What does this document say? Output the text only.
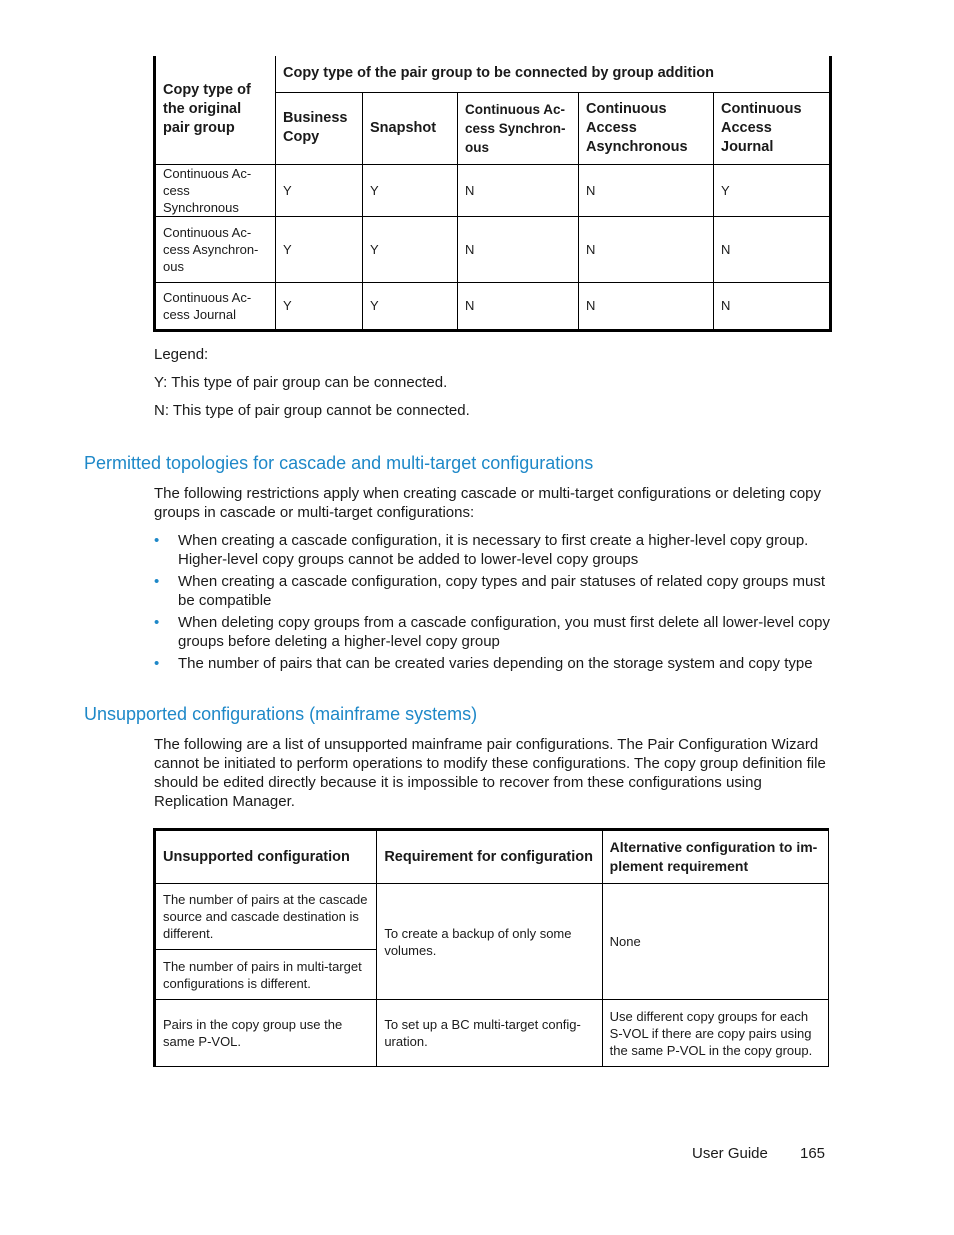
Copy type of the original pair group	Copy type of the pair group to be connected by group addition				
	Business Copy	Snapshot	Continuous Access Synchronous	Continuous Access Asynchronous	Continuous Access Journal
Continuous Access Synchronous	Y	Y	N	N	Y
Continuous Access Asynchronous	Y	Y	N	N	N
Continuous Access Journal	Y	Y	N	N	N
Legend:
Y: This type of pair group can be connected.
N: This type of pair group cannot be connected.
Permitted topologies for cascade and multi-target configurations
The following restrictions apply when creating cascade or multi-target configurations or deleting copy groups in cascade or multi-target configurations:
• When creating a cascade configuration, it is necessary to first create a higher-level copy group. Higher-level copy groups cannot be added to lower-level copy groups
• When creating a cascade configuration, copy types and pair statuses of related copy groups must be compatible
• When deleting copy groups from a cascade configuration, you must first delete all lower-level copy groups before deleting a higher-level copy group
• The number of pairs that can be created varies depending on the storage system and copy type
Unsupported configurations (mainframe systems)
The following are a list of unsupported mainframe pair configurations. The Pair Configuration Wizard cannot be initiated to perform operations to modify these configurations. The copy group definition file should be edited directly because it is impossible to recover from these configurations using Replication Manager.
Unsupported configuration	Requirement for configuration	Alternative configuration to implement requirement
The number of pairs at the cascade source and cascade destination is different.	To create a backup of only some volumes.	None
The number of pairs in multi-target configurations is different.		
Pairs in the copy group use the same P-VOL.	To set up a BC multi-target configuration.	Use different copy groups for each S-VOL if there are copy pairs using the same P-VOL in the copy group.
User Guide 165
